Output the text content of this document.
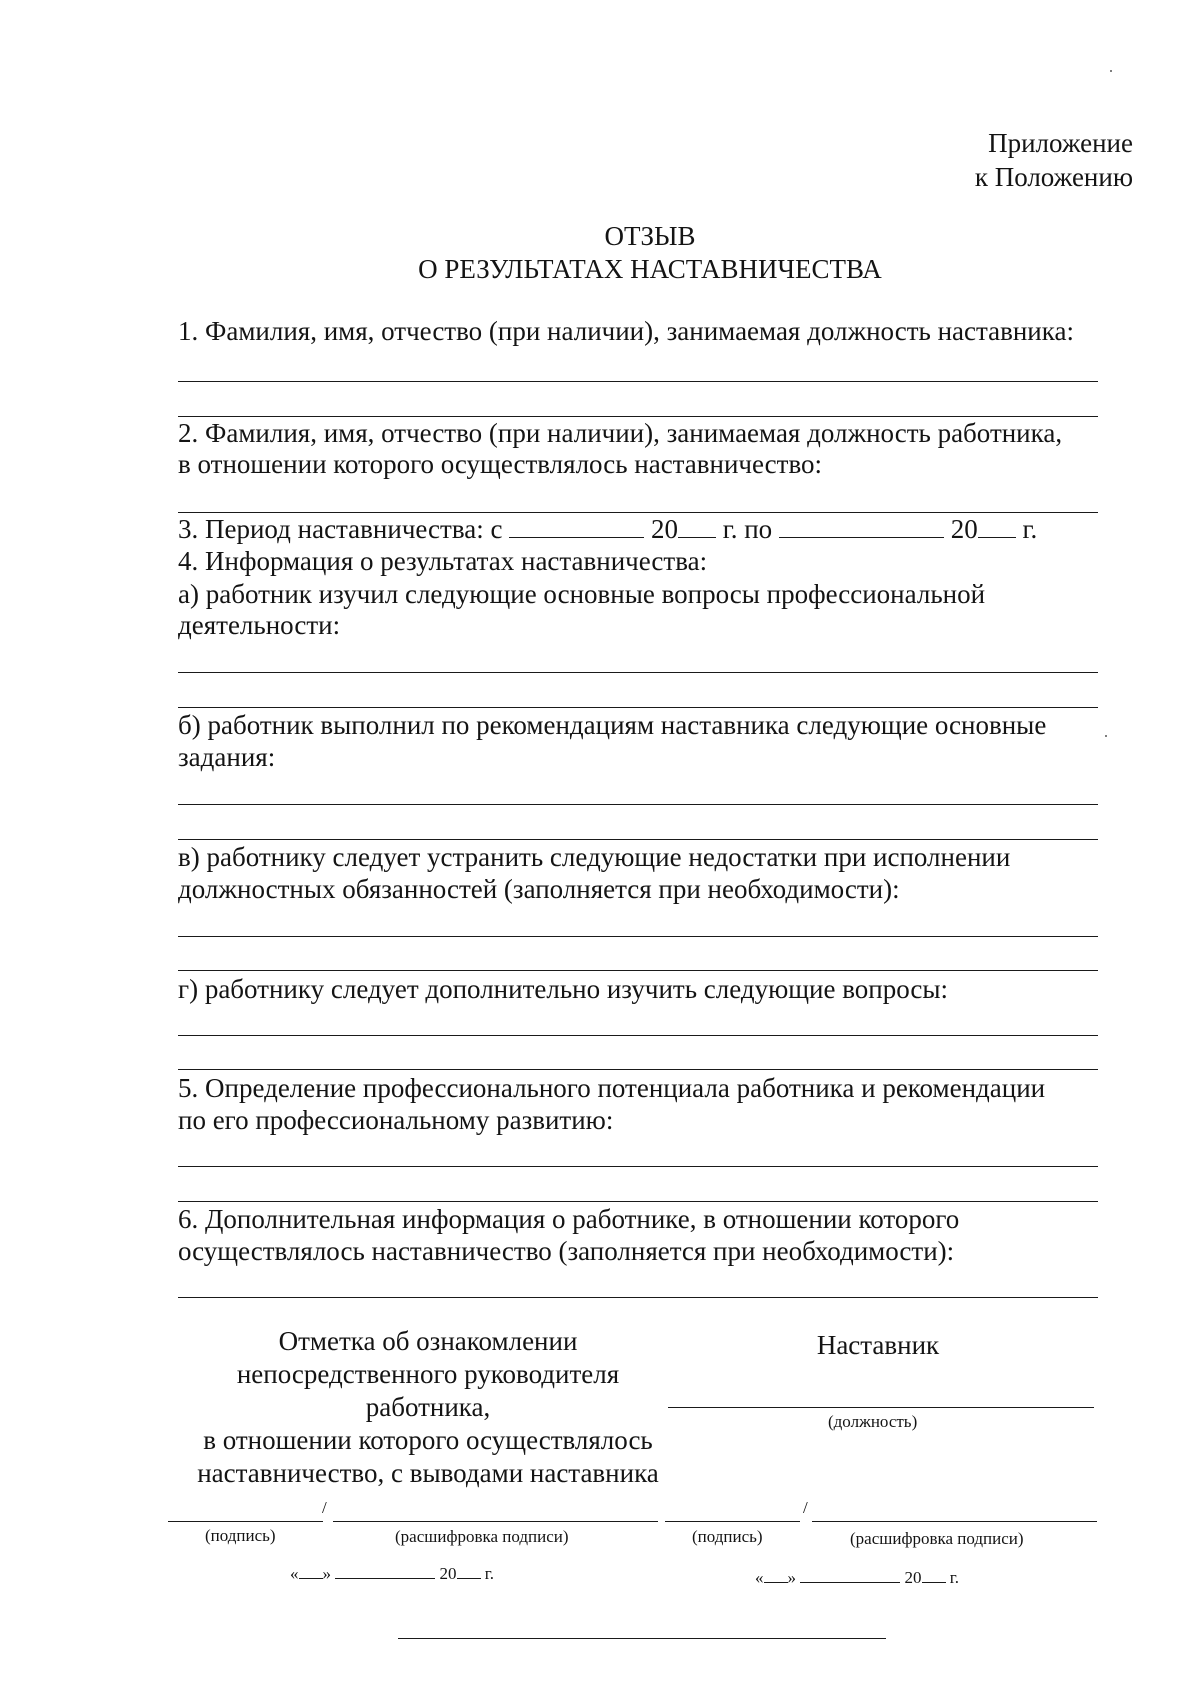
Приложение
к Положению
ОТЗЫВ
О РЕЗУЛЬТАТАХ НАСТАВНИЧЕСТВА
1. Фамилия, имя, отчество (при наличии), занимаемая должность наставника:
2. Фамилия, имя, отчество (при наличии), занимаемая должность работника,
в отношении которого осуществлялось наставничество:
3. Период наставничества: с	20 г. по	20 г.
4. Информация о результатах наставничества:
а) работник изучил следующие основные вопросы профессиональной
деятельности:
б) работник выполнил по рекомендациям наставника следующие основные
задания:
в) работнику следует устранить следующие недостатки при исполнении
должностных обязанностей (заполняется при необходимости):
г) работнику следует дополнительно изучить следующие вопросы:
5. Определение профессионального потенциала работника и рекомендации
по его профессиональному развитию:
6. Дополнительная информация о работнике, в отношении которого
осуществлялось наставничество (заполняется при необходимости):
Отметка об ознакомлении
непосредственного руководителя
работника,
в отношении которого осуществлялось
наставничество, с выводами наставника
/
(подпись)	(расшифровка подписи)
« »	20 г.
Наставник
(должность)
/
(подпись)	(расшифровка подписи)
« »	20 г.
